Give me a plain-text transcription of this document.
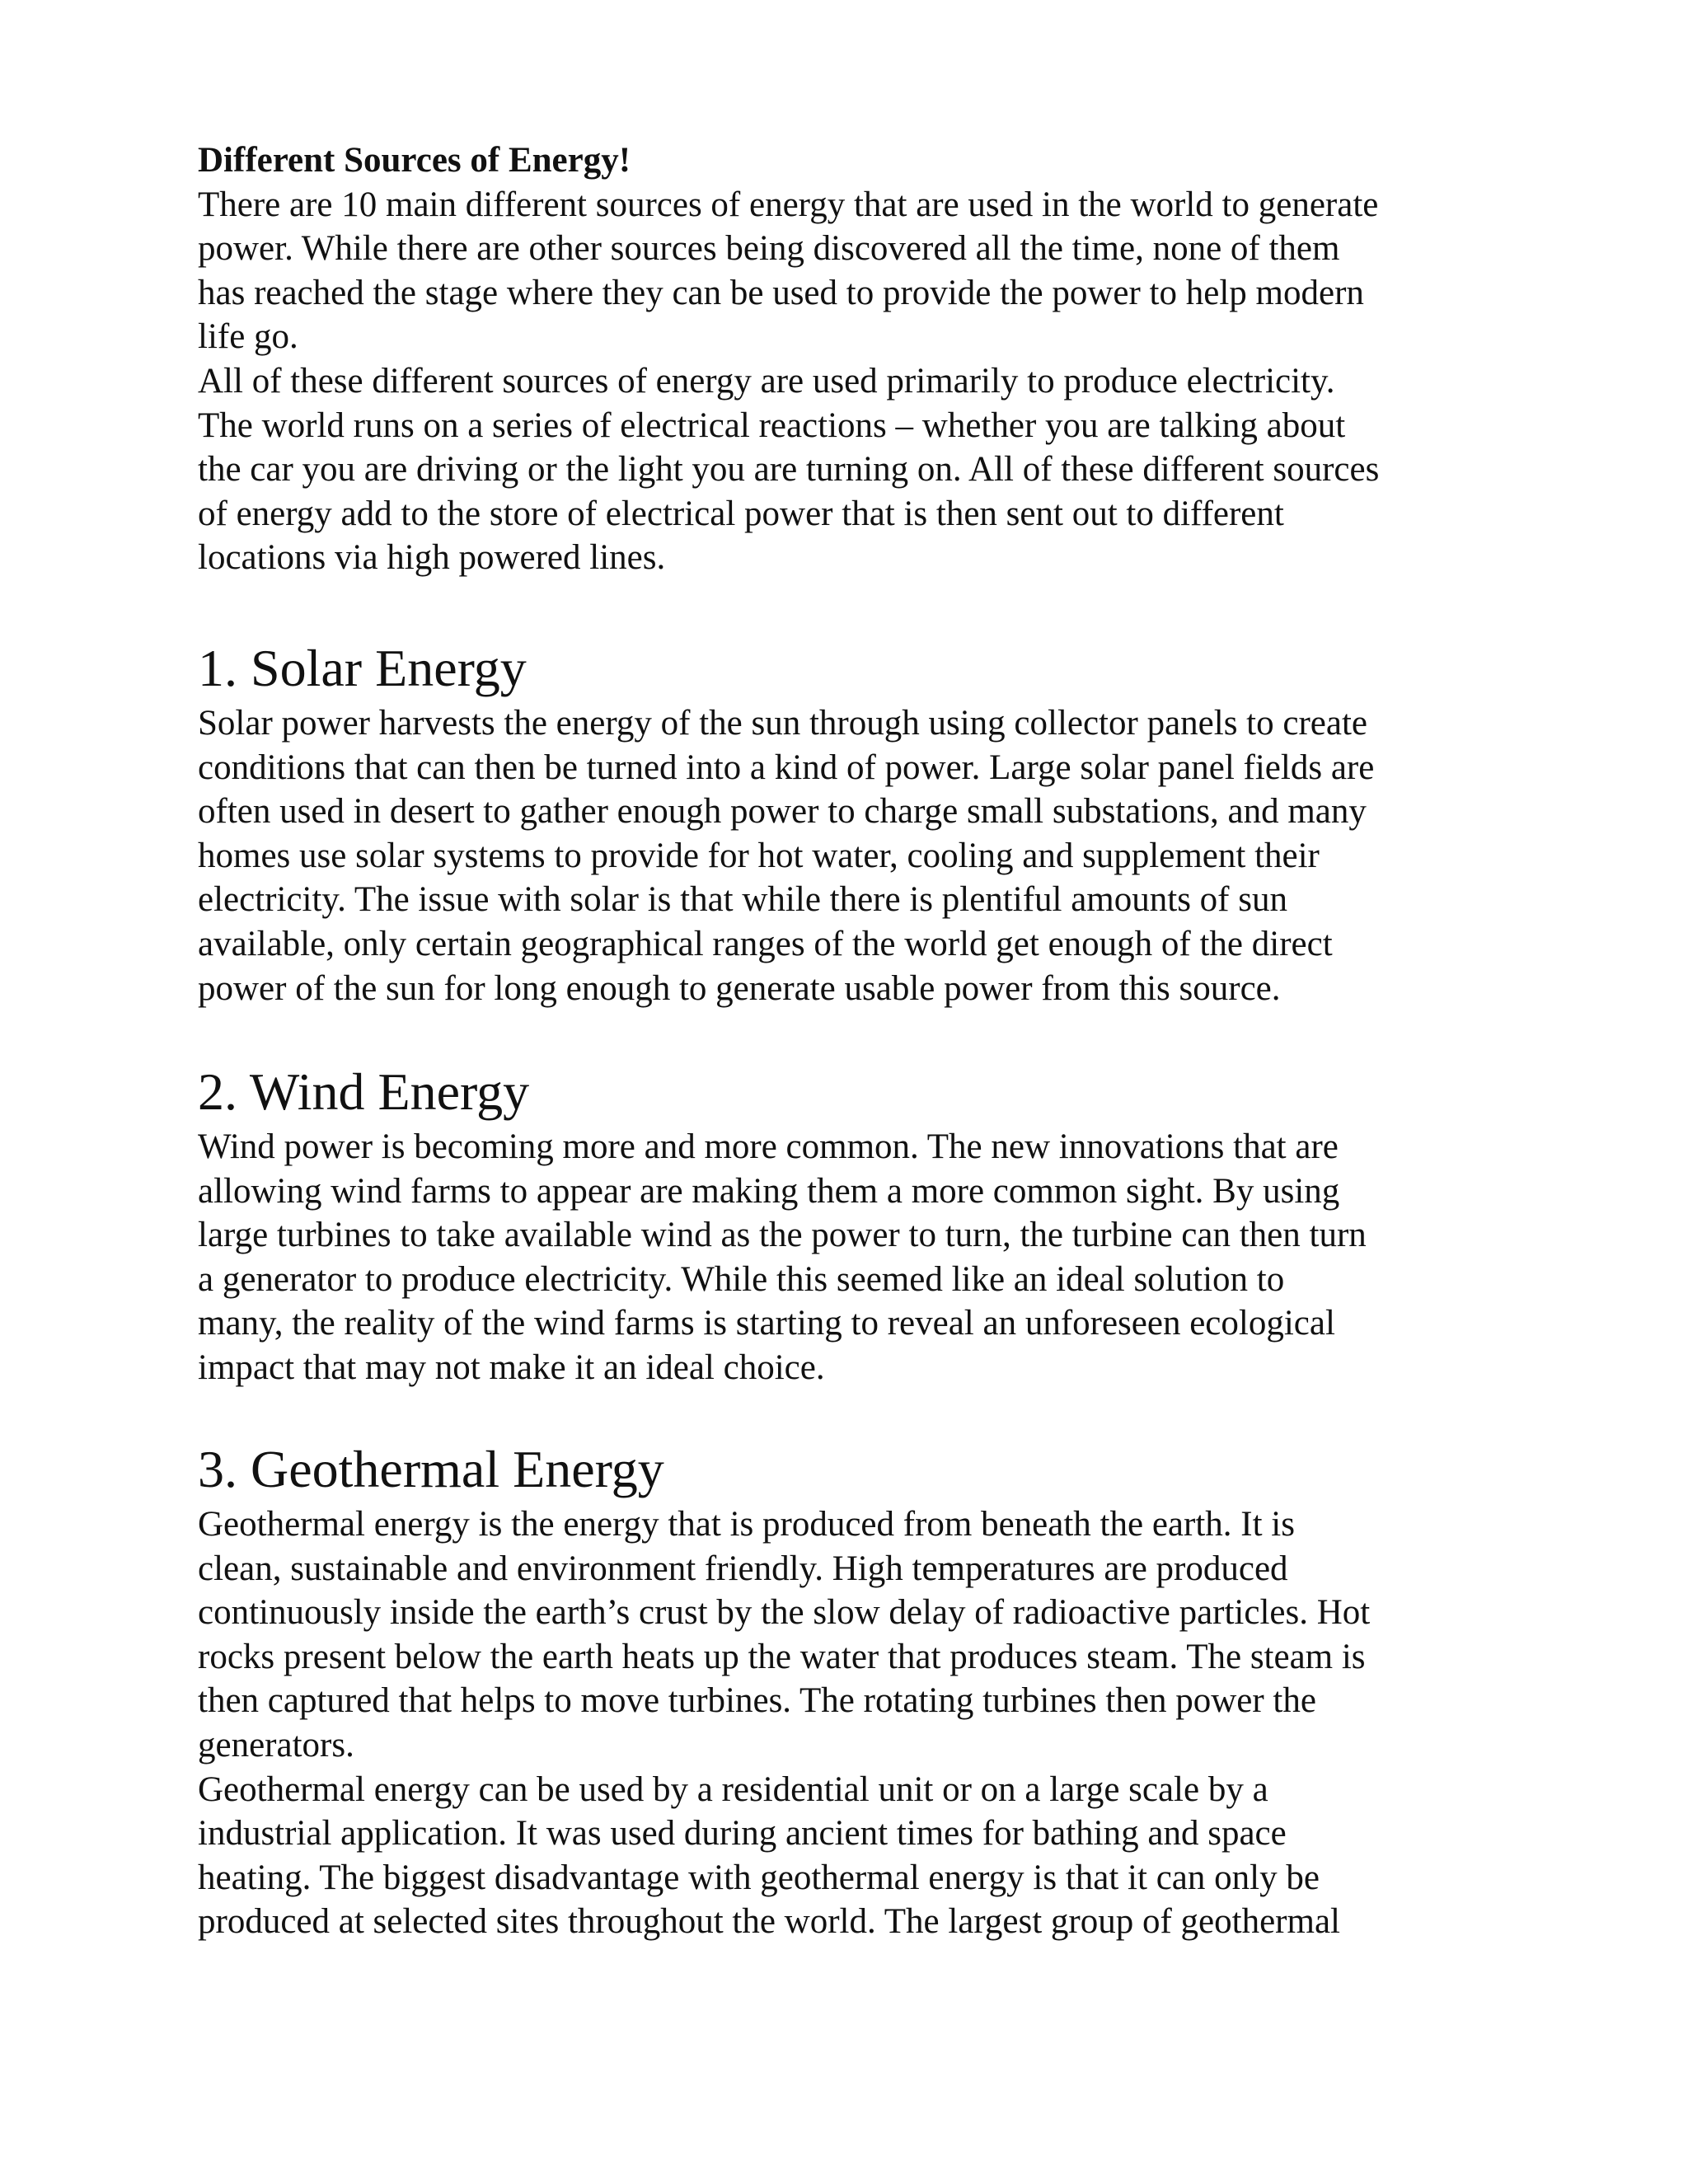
Different Sources of Energy!

There are 10 main different sources of energy that are used in the world to generate

power. While there are other sources being discovered all the time, none of them

has reached the stage where they can be used to provide the power to help modern

life go.

All of these different sources of energy are used primarily to produce electricity.

The world runs on a series of electrical reactions – whether you are talking about

the car you are driving or the light you are turning on. All of these different sources

of energy add to the store of electrical power that is then sent out to different

locations via high powered lines.

1. Solar Energy

Solar power harvests the energy of the sun through using collector panels to create

conditions that can then be turned into a kind of power. Large solar panel fields are

often used in desert to gather enough power to charge small substations, and many

homes use solar systems to provide for hot water, cooling and supplement their

electricity. The issue with solar is that while there is plentiful amounts of sun

available, only certain geographical ranges of the world get enough of the direct

power of the sun for long enough to generate usable power from this source.

2. Wind Energy

Wind power is becoming more and more common. The new innovations that are

allowing wind farms to appear are making them a more common sight. By using

large turbines to take available wind as the power to turn, the turbine can then turn

a generator to produce electricity. While this seemed like an ideal solution to

many, the reality of the wind farms is starting to reveal an unforeseen ecological

impact that may not make it an ideal choice.

3. Geothermal Energy

Geothermal energy is the energy that is produced from beneath the earth. It is

clean, sustainable and environment friendly. High temperatures are produced

continuously inside the earth’s crust by the slow delay of radioactive particles. Hot

rocks present below the earth heats up the water that produces steam. The steam is

then captured that helps to move turbines. The rotating turbines then power the

generators.

Geothermal energy can be used by a residential unit or on a large scale by a

industrial application. It was used during ancient times for bathing and space

heating. The biggest disadvantage with geothermal energy is that it can only be

produced at selected sites throughout the world. The largest group of geothermal
